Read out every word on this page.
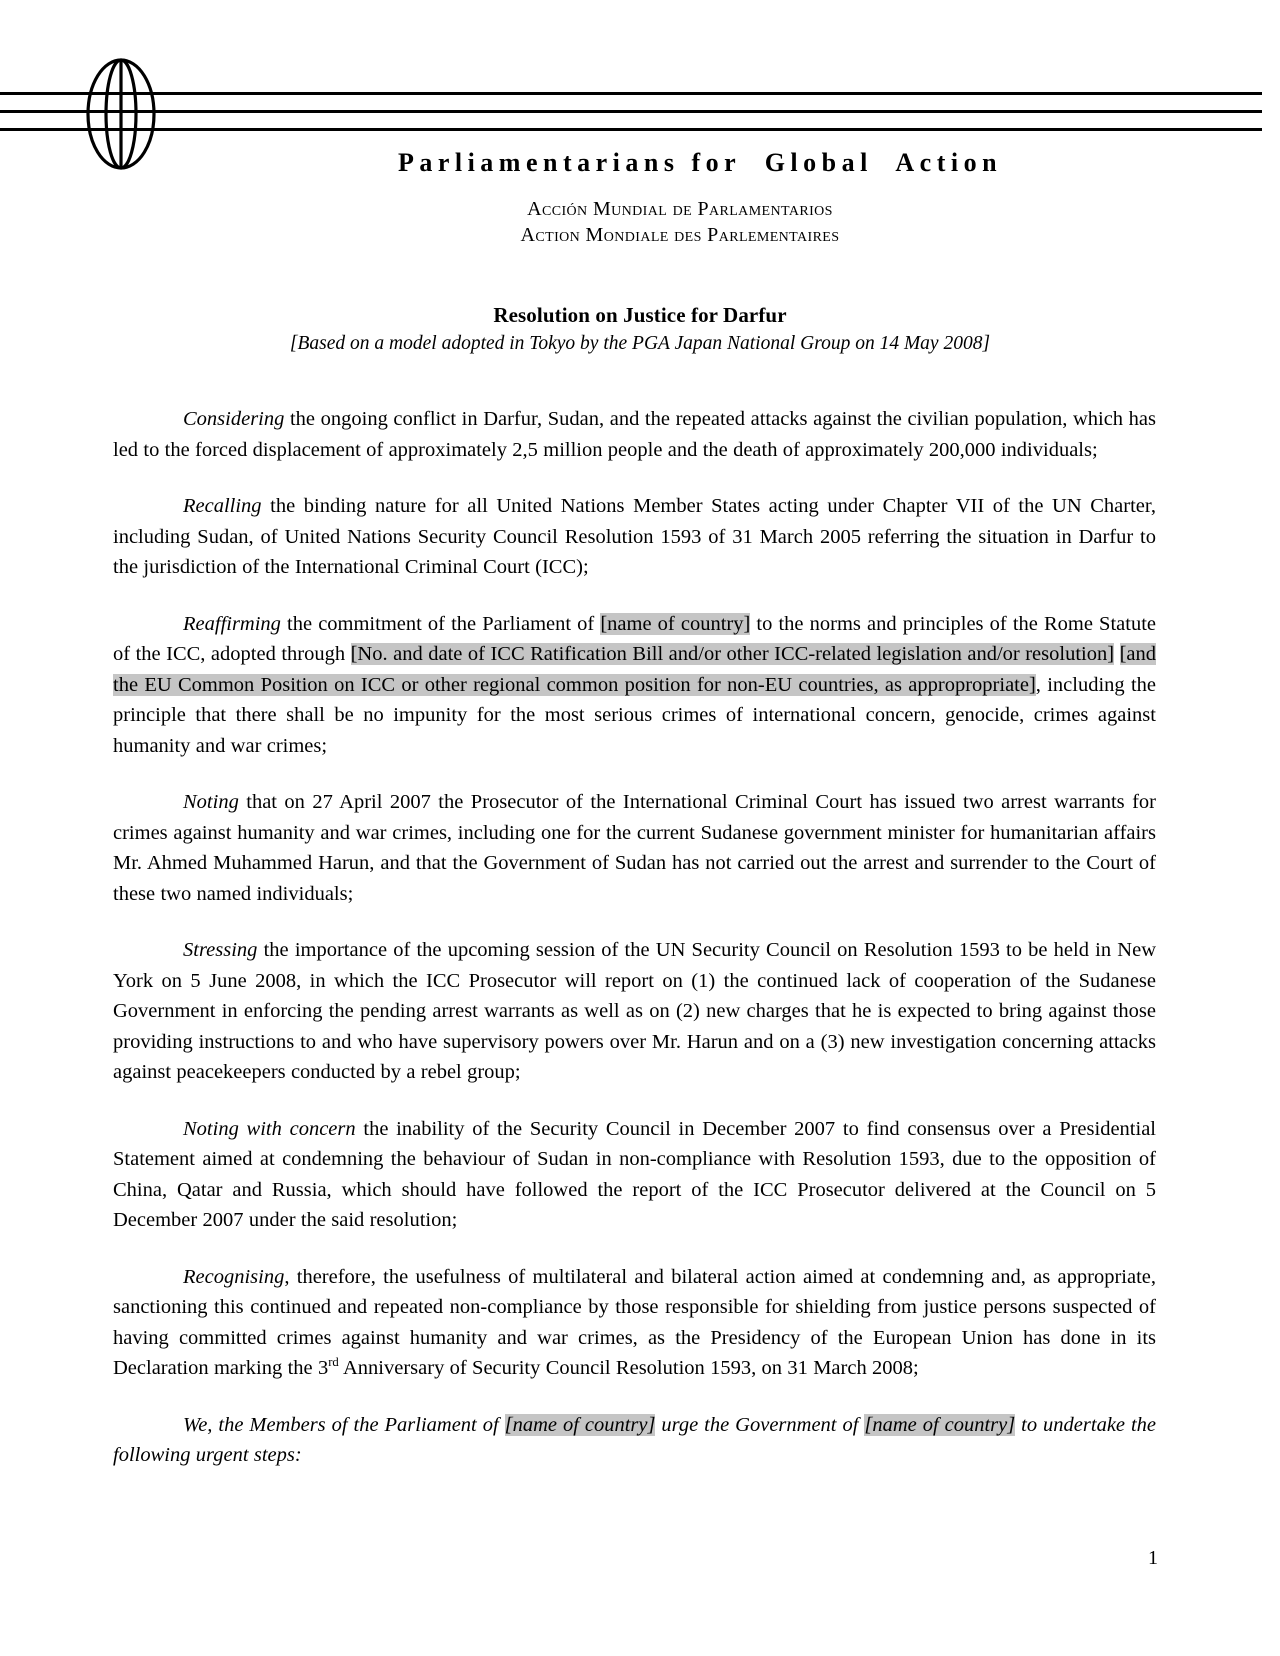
Parliamentarians for  Global  Action
Acción Mundial de Parlamentarios
Action Mondiale des Parlementaires
Resolution on Justice for Darfur
[Based on a model adopted in Tokyo by the PGA Japan National Group on 14 May 2008]

Considering the ongoing conflict in Darfur, Sudan, and the repeated attacks against the civilian population, which has led to the forced displacement of approximately 2,5 million people and the death of approximately 200,000 individuals;

Recalling the binding nature for all United Nations Member States acting under Chapter VII of the UN Charter, including Sudan, of United Nations Security Council Resolution 1593 of 31 March 2005 referring the situation in Darfur to the jurisdiction of the International Criminal Court (ICC);

Reaffirming the commitment of the Parliament of [name of country] to the norms and principles of the Rome Statute of the ICC, adopted through [No. and date of ICC Ratification Bill and/or other ICC-related legislation and/or resolution] [and the EU Common Position on ICC or other regional common position for non-EU countries, as appropropriate], including the principle that there shall be no impunity for the most serious crimes of international concern, genocide, crimes against humanity and war crimes;

Noting that on 27 April 2007 the Prosecutor of the International Criminal Court has issued two arrest warrants for crimes against humanity and war crimes, including one for the current Sudanese government minister for humanitarian affairs Mr. Ahmed Muhammed Harun, and that the Government of Sudan has not carried out the arrest and surrender to the Court of these two named individuals;

Stressing the importance of the upcoming session of the UN Security Council on Resolution 1593 to be held in New York on 5 June 2008, in which the ICC Prosecutor will report on (1) the continued lack of cooperation of the Sudanese Government in enforcing the pending arrest warrants as well as on (2) new charges that he is expected to bring against those providing instructions to and who have supervisory powers over Mr. Harun and on a (3) new investigation concerning attacks against peacekeepers conducted by a rebel group;

Noting with concern the inability of the Security Council in December 2007 to find consensus over a Presidential Statement aimed at condemning the behaviour of Sudan in non-compliance with Resolution 1593, due to the opposition of China, Qatar and Russia, which should have followed the report of the ICC Prosecutor delivered at the Council on 5 December 2007 under the said resolution;

Recognising, therefore, the usefulness of multilateral and bilateral action aimed at condemning and, as appropriate, sanctioning this continued and repeated non-compliance by those responsible for shielding from justice persons suspected of having committed crimes against humanity and war crimes, as the Presidency of the European Union has done in its Declaration marking the 3rd Anniversary of Security Council Resolution 1593, on 31 March 2008;

We, the Members of the Parliament of [name of country] urge the Government of [name of country] to undertake the following urgent steps:

1
